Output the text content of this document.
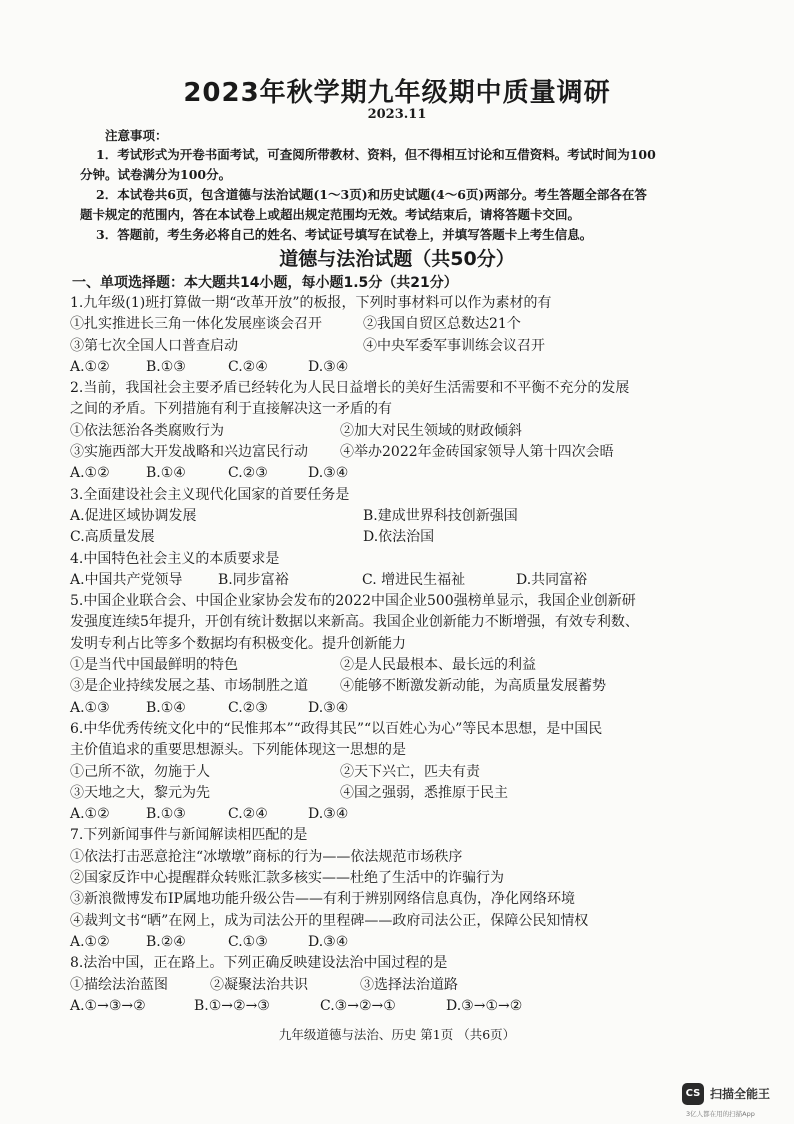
2023年秋学期九年级期中质量调研
2023.11
注意事项：
1．考试形式为开卷书面考试，可查阅所带教材、资料，但不得相互讨论和互借资料。考试时间为100
分钟。试卷满分为100分。
2．本试卷共6页，包含道德与法治试题(1～3页)和历史试题(4～6页)两部分。考生答题全部各在答
题卡规定的范围内，答在本试卷上或超出规定范围均无效。考试结束后，请将答题卡交回。
3．答题前，考生务必将自己的姓名、考试证号填写在试卷上，并填写答题卡上考生信息。
道德与法治试题（共50分）
一、单项选择题：本大题共14小题，每小题1.5分（共21分）
1.九年级(1)班打算做一期“改革开放”的板报，下列时事材料可以作为素材的有
①扎实推进长三角一体化发展座谈会召开	②我国自贸区总数达21个
③第七次全国人口普查启动	④中央军委军事训练会议召开
A.①②	B.①③	C.②④	D.③④
2.当前，我国社会主要矛盾已经转化为人民日益增长的美好生活需要和不平衡不充分的发展
之间的矛盾。下列措施有利于直接解决这一矛盾的有
①依法惩治各类腐败行为	②加大对民生领域的财政倾斜
③实施西部大开发战略和兴边富民行动 ④举办2022年金砖国家领导人第十四次会晤
A.①②	B.①④	C.②③	D.③④
3.全面建设社会主义现代化国家的首要任务是
A.促进区域协调发展	B.建成世界科技创新强国
C.高质量发展	D.依法治国
4.中国特色社会主义的本质要求是
A.中国共产党领导	B.同步富裕	C. 增进民生福祉	D.共同富裕
5.中国企业联合会、中国企业家协会发布的2022中国企业500强榜单显示，我国企业创新研
发强度连续5年提升，开创有统计数据以来新高。我国企业创新能力不断增强，有效专利数、
发明专利占比等多个数据均有积极变化。提升创新能力
①是当代中国最鲜明的特色	②是人民最根本、最长远的利益
③是企业持续发展之基、市场制胜之道 ④能够不断激发新动能，为高质量发展蓄势
A.①③	B.①④	C.②③	D.③④
6.中华优秀传统文化中的“民惟邦本”“政得其民”“以百姓心为心”等民本思想，是中国民
主价值追求的重要思想源头。下列能体现这一思想的是
①己所不欲，勿施于人	②天下兴亡，匹夫有责
③天地之大，黎元为先	④国之强弱，悉推原于民主
A.①②	B.①③	C.②④	D.③④
7.下列新闻事件与新闻解读相匹配的是
①依法打击恶意抢注“冰墩墩”商标的行为——依法规范市场秩序
②国家反诈中心提醒群众转账汇款多核实——杜绝了生活中的诈骗行为
③新浪微博发布IP属地功能升级公告——有利于辨别网络信息真伪，净化网络环境
④裁判文书“晒”在网上，成为司法公开的里程碑——政府司法公正，保障公民知情权
A.①②	B.②④	C.①③	D.③④
8.法治中国，正在路上。下列正确反映建设法治中国过程的是
①描绘法治蓝图	②凝聚法治共识	③选择法治道路
A.①→③→②	B.①→②→③	C.③→②→①	D.③→①→②
九年级道德与法治、历史 第1页 （共6页）
CS 扫描全能王
3亿人都在用的扫描App
